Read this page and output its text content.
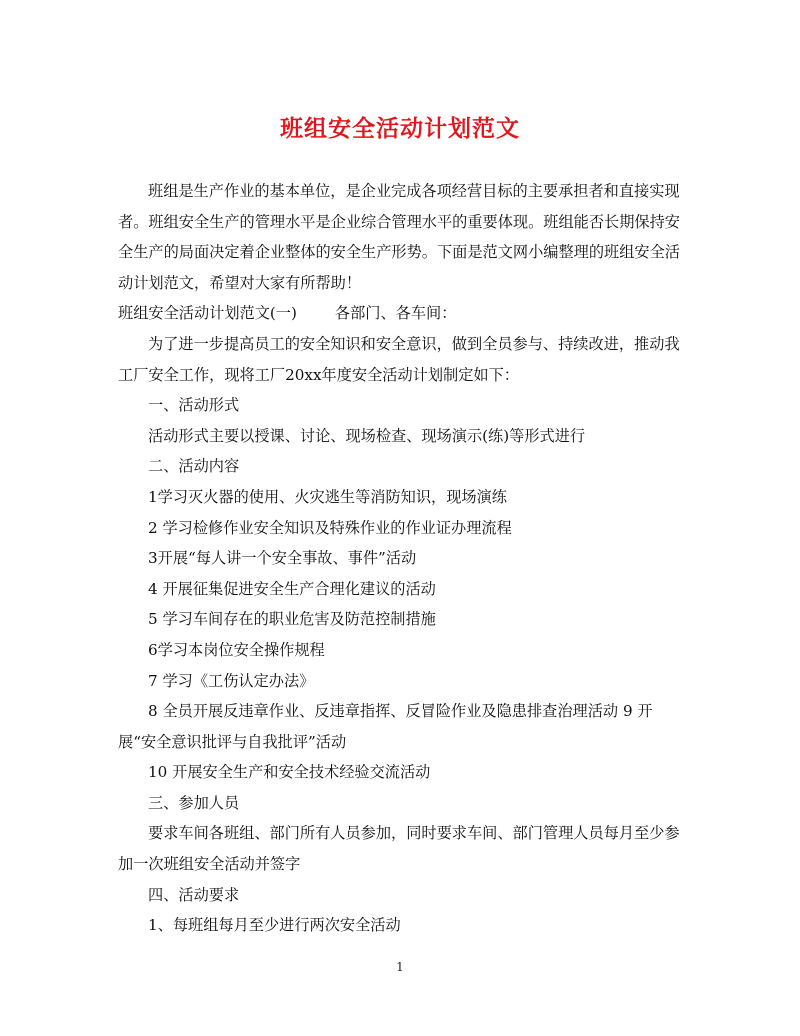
班组安全活动计划范文

班组是生产作业的基本单位，是企业完成各项经营目标的主要承担者和直接实现者。班组安全生产的管理水平是企业综合管理水平的重要体现。班组能否长期保持安全生产的局面决定着企业整体的安全生产形势。下面是范文网小编整理的班组安全活动计划范文，希望对大家有所帮助！

班组安全活动计划范文(一)	各部门、各车间：

为了进一步提高员工的安全知识和安全意识，做到全员参与、持续改进，推动我工厂安全工作，现将工厂20xx年度安全活动计划制定如下：

一、活动形式

活动形式主要以授课、讨论、现场检查、现场演示(练)等形式进行

二、活动内容

1学习灭火器的使用、火灾逃生等消防知识，现场演练

2 学习检修作业安全知识及特殊作业的作业证办理流程

3开展“每人讲一个安全事故、事件”活动

4 开展征集促进安全生产合理化建议的活动

5 学习车间存在的职业危害及防范控制措施

6学习本岗位安全操作规程

7 学习《工伤认定办法》

8 全员开展反违章作业、反违章指挥、反冒险作业及隐患排查治理活动 9 开展“安全意识批评与自我批评”活动

10 开展安全生产和安全技术经验交流活动

三、参加人员

要求车间各班组、部门所有人员参加，同时要求车间、部门管理人员每月至少参加一次班组安全活动并签字

四、活动要求

1、每班组每月至少进行两次安全活动

1
